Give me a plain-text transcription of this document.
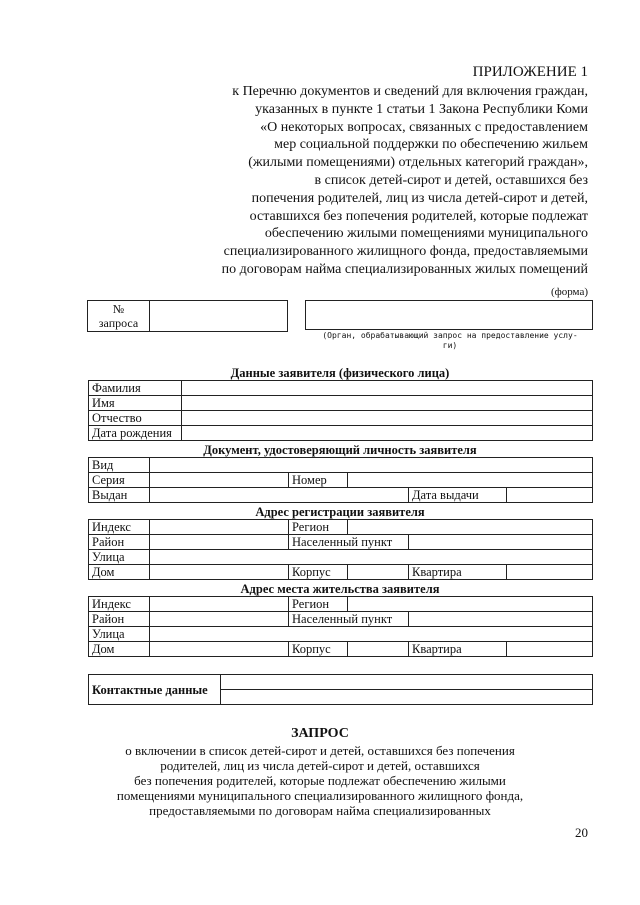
ПРИЛОЖЕНИЕ 1
к Перечню документов и сведений для включения граждан,
указанных в пункте 1 статьи 1 Закона Республики Коми
«О некоторых вопросах, связанных с предоставлением
мер социальной поддержки по обеспечению жильем
(жилыми помещениями) отдельных категорий граждан»,
в список детей-сирот и детей, оставшихся без
попечения родителей, лиц из числа детей-сирот и детей,
оставшихся без попечения родителей, которые подлежат
обеспечению жилыми помещениями муниципального
специализированного жилищного фонда, предоставляемыми
по договорам найма специализированных жилых помещений
(форма)
№
запроса

(Орган, обрабатывающий запрос на предоставление услу-
ги)
Данные заявителя (физического лица)
Фамилия	
Имя	
Отчество	
Дата рождения	
Документ, удостоверяющий личность заявителя
Вид					
Серия		Номер			
Выдан				Дата выдачи	
Адрес регистрации заявителя
Индекс		Регион			
Район		Населенный пункт			
Улица					
Дом		Корпус		Квартира	
Адрес места жительства заявителя
Индекс		Регион			
Район		Населенный пункт			
Улица					
Дом		Корпус		Квартира	
Контактные данные	

ЗАПРОС
о включении в список детей-сирот и детей, оставшихся без попечения
родителей, лиц из числа детей-сирот и детей, оставшихся
без попечения родителей, которые подлежат обеспечению жилыми
помещениями муниципального специализированного жилищного фонда,
предоставляемыми по договорам найма специализированных
20
